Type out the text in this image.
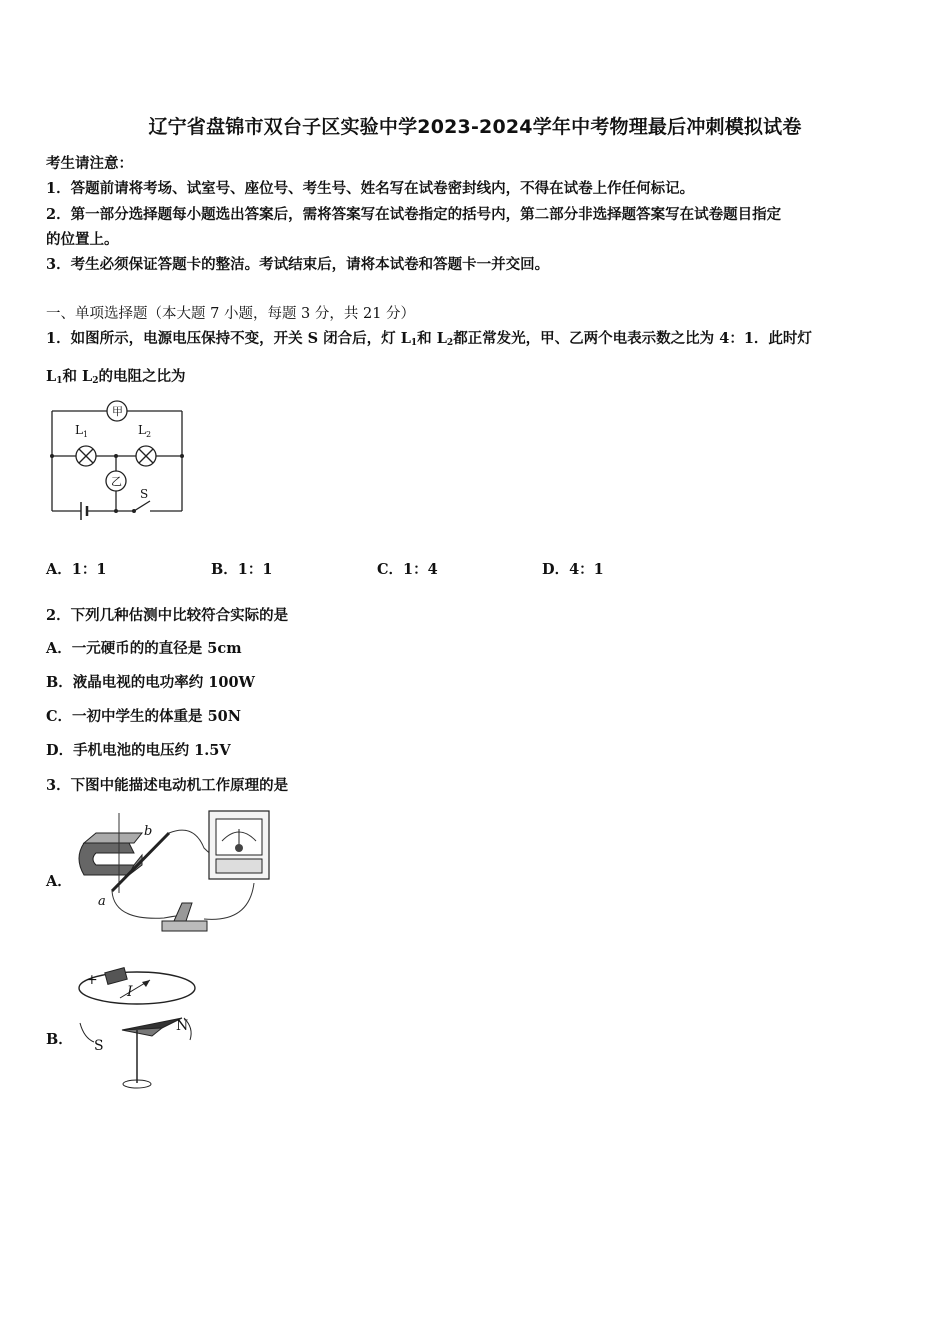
辽宁省盘锦市双台子区实验中学2023-2024学年中考物理最后冲刺模拟试卷
考生请注意：
1．答题前请将考场、试室号、座位号、考生号、姓名写在试卷密封线内，不得在试卷上作任何标记。
2．第一部分选择题每小题选出答案后，需将答案写在试卷指定的括号内，第二部分非选择题答案写在试卷题目指定
的位置上。
3．考生必须保证答题卡的整洁。考试结束后，请将本试卷和答题卡一并交回。
一、单项选择题（本大题 7 小题，每题 3 分，共 21 分）
1．如图所示，电源电压保持不变，开关 S 闭合后，灯 $L_1$和 $L_2$都正常发光，甲、乙两个电表示数之比为 4：1．此时灯
$L_1$和 $L_2$的电阻之比为
甲
乙
$L_1$	$L_2$
S
A．1：1	B．1：1	C．1：4	D．4：1
2．下列几种估测中比较符合实际的是
A．一元硬币的的直径是 5cm
B．液晶电视的电功率约 100W
C．一初中学生的体重是 50N
D．手机电池的电压约 1.5V
3．下图中能描述电动机工作原理的是
A．
b
a
B．
+
I
N
S
